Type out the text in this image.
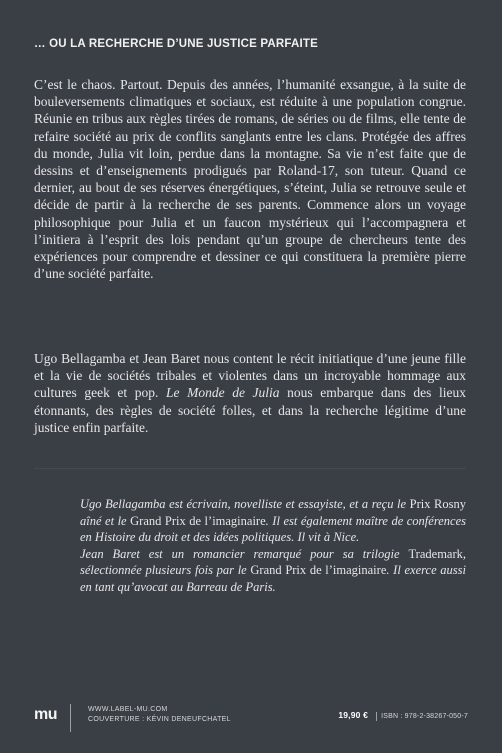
… OU LA RECHERCHE D’UNE JUSTICE PARFAITE

C’est le chaos. Partout. Depuis des années, l’humanité exsangue, à la suite de bouleversements climatiques et sociaux, est réduite à une population congrue. Réunie en tribus aux règles tirées de romans, de séries ou de films, elle tente de refaire société au prix de conflits sanglants entre les clans. Protégée des affres du monde, Julia vit loin, perdue dans la montagne. Sa vie n’est faite que de dessins et d’enseignements prodigués par Roland-17, son tuteur. Quand ce dernier, au bout de ses réserves énergétiques, s’éteint, Julia se retrouve seule et décide de partir à la recherche de ses parents. Commence alors un voyage philosophique pour Julia et un faucon mystérieux qui l’accompagnera et l’initiera à l’esprit des lois pendant qu’un groupe de chercheurs tente des expériences pour comprendre et dessiner ce qui constituera la première pierre d’une société parfaite.

Ugo Bellagamba et Jean Baret nous content le récit initiatique d’une jeune fille et la vie de sociétés tribales et violentes dans un incroyable hommage aux cultures geek et pop. Le Monde de Julia nous embarque dans des lieux étonnants, des règles de société folles, et dans la recherche légitime d’une justice enfin parfaite.

Ugo Bellagamba est écrivain, novelliste et essayiste, et a reçu le Prix Rosny aîné et le Grand Prix de l’imaginaire. Il est également maître de conférences en Histoire du droit et des idées politiques. Il vit à Nice.
Jean Baret est un romancier remarqué pour sa trilogie Trademark, sélectionnée plusieurs fois par le Grand Prix de l’imaginaire. Il exerce aussi en tant qu’avocat au Barreau de Paris.

mu	WWW.LABEL-MU.COM
COUVERTURE : KÉVIN DENEUFCHATEL	19,90 € ISBN : 978-2-38267-050-7
